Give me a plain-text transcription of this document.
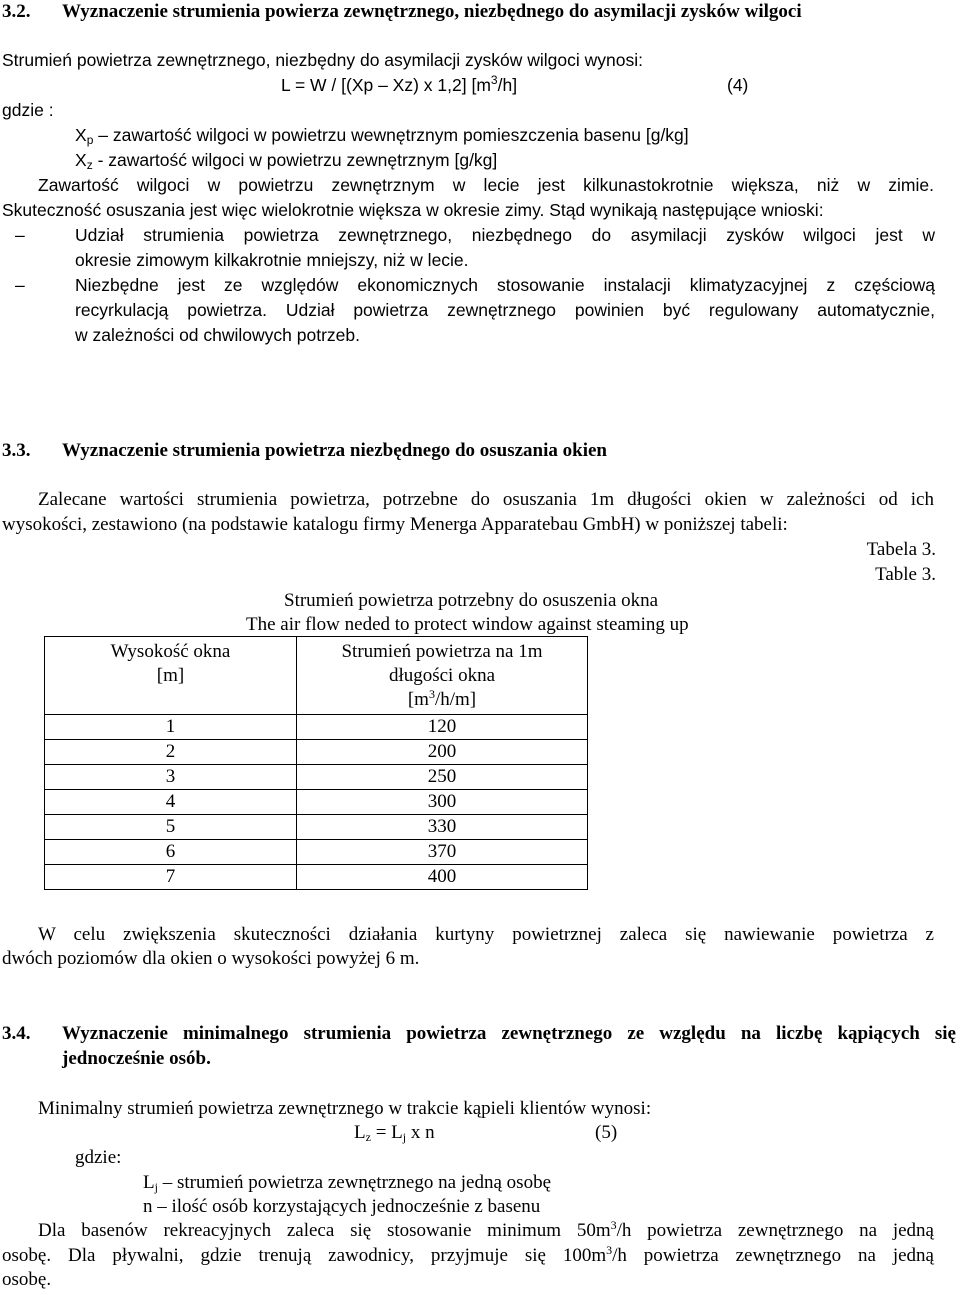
3.2. Wyznaczenie strumienia powierza zewnętrznego, niezbędnego do asymilacji zysków wilgoci
Strumień powietrza zewnętrznego, niezbędny do asymilacji zysków wilgoci wynosi:
L = W / [(Xp – Xz) x 1,2] $[m^3/h]$	(4)
gdzie :
$X_p$ – zawartość wilgoci w powietrzu wewnętrznym pomieszczenia basenu [g/kg]
$X_z$ - zawartość wilgoci w powietrzu zewnętrznym [g/kg]
Zawartość wilgoci w powietrzu zewnętrznym w lecie jest kilkunastokrotnie większa, niż w zimie.
Skuteczność osuszania jest więc wielokrotnie większa w okresie zimy. Stąd wynikają następujące wnioski:
–	Udział strumienia powietrza zewnętrznego, niezbędnego do asymilacji zysków wilgoci jest w
okresie zimowym kilkakrotnie mniejszy, niż w lecie.
–	Niezbędne jest ze względów ekonomicznych stosowanie instalacji klimatyzacyjnej z częściową
recyrkulacją powietrza. Udział powietrza zewnętrznego powinien być regulowany automatycznie,
w zależności od chwilowych potrzeb.
3.3. Wyznaczenie strumienia powietrza niezbędnego do osuszania okien
Zalecane wartości strumienia powietrza, potrzebne do osuszania 1m długości okien w zależności od ich
wysokości, zestawiono (na podstawie katalogu firmy Menerga Apparatebau GmbH) w poniższej tabeli:
Tabela 3.
Table 3.
Strumień powietrza potrzebny do osuszenia okna
The air flow neded to protect window against steaming up
Wysokość okna
[m]	Strumień powietrza na 1m
długości okna
$[m^3/h/m]$

1	120
2	200
3	250
4	300
5	330
6	370
7	400
W celu zwiększenia skuteczności działania kurtyny powietrznej zaleca się nawiewanie powietrza z
dwóch poziomów dla okien o wysokości powyżej 6 m.
3.4. Wyznaczenie minimalnego strumienia powietrza zewnętrznego ze względu na liczbę kąpiących się
jednocześnie osób.
Minimalny strumień powietrza zewnętrznego w trakcie kąpieli klientów wynosi:
$L_z = L_j$ x n	(5)
gdzie:
$L_j$ – strumień powietrza zewnętrznego na jedną osobę
n – ilość osób korzystających jednocześnie z basenu
Dla basenów rekreacyjnych zaleca się stosowanie minimum $50m^3/h$ powietrza zewnętrznego na jedną
osobę. Dla pływalni, gdzie trenują zawodnicy, przyjmuje się $100m^3/h$ powietrza zewnętrznego na jedną
osobę.
